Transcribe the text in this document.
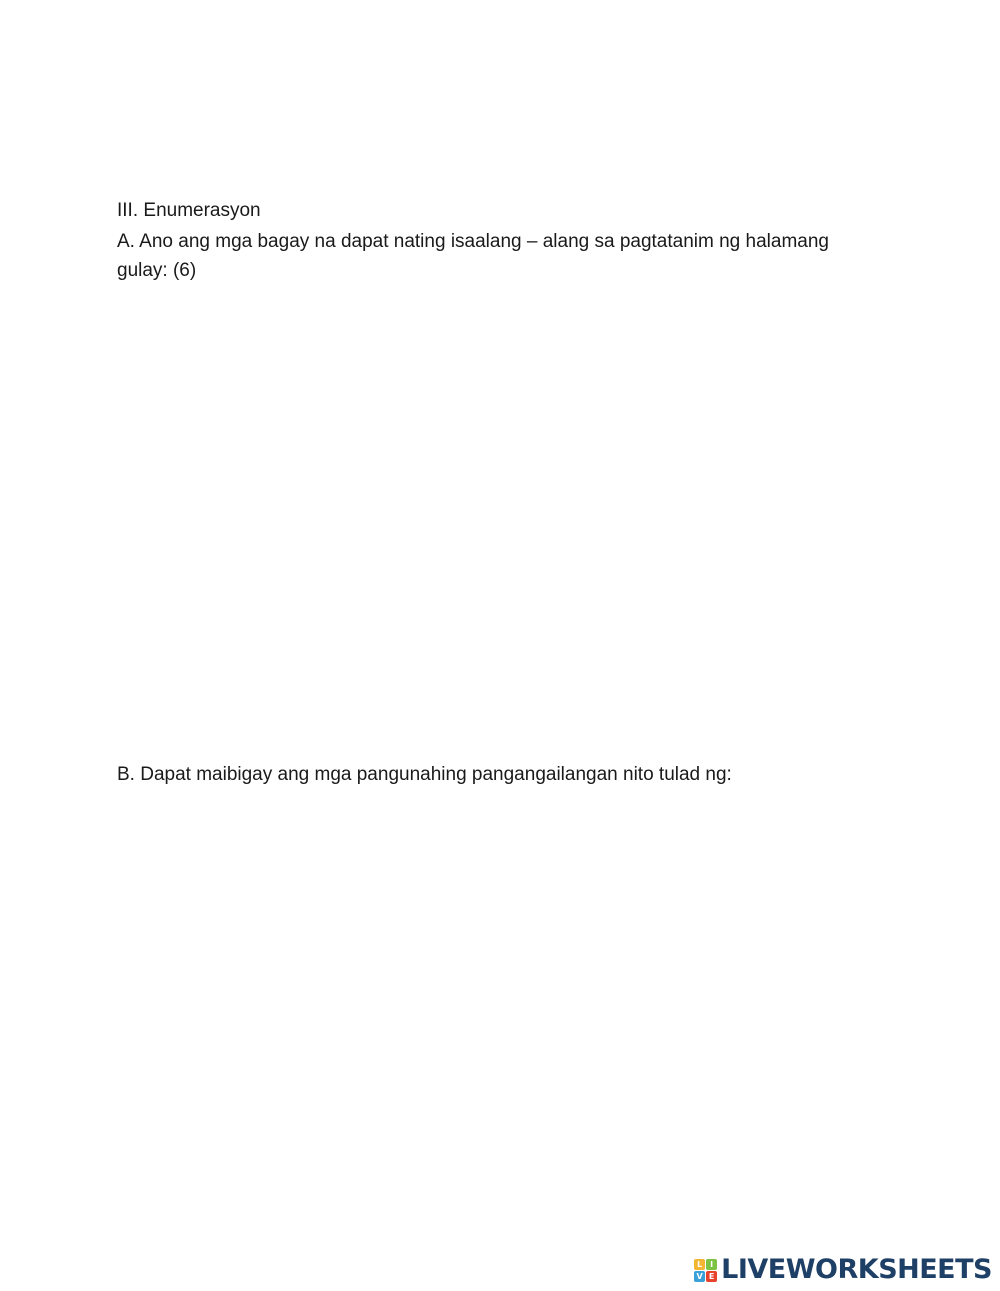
III. Enumerasyon

A. Ano ang mga bagay na dapat nating isaalang – alang sa pagtatanim ng halamang gulay: (6)

B. Dapat maibigay ang mga pangunahing pangangailangan nito tulad ng:

L I
V E LIVEWORKSHEETS
